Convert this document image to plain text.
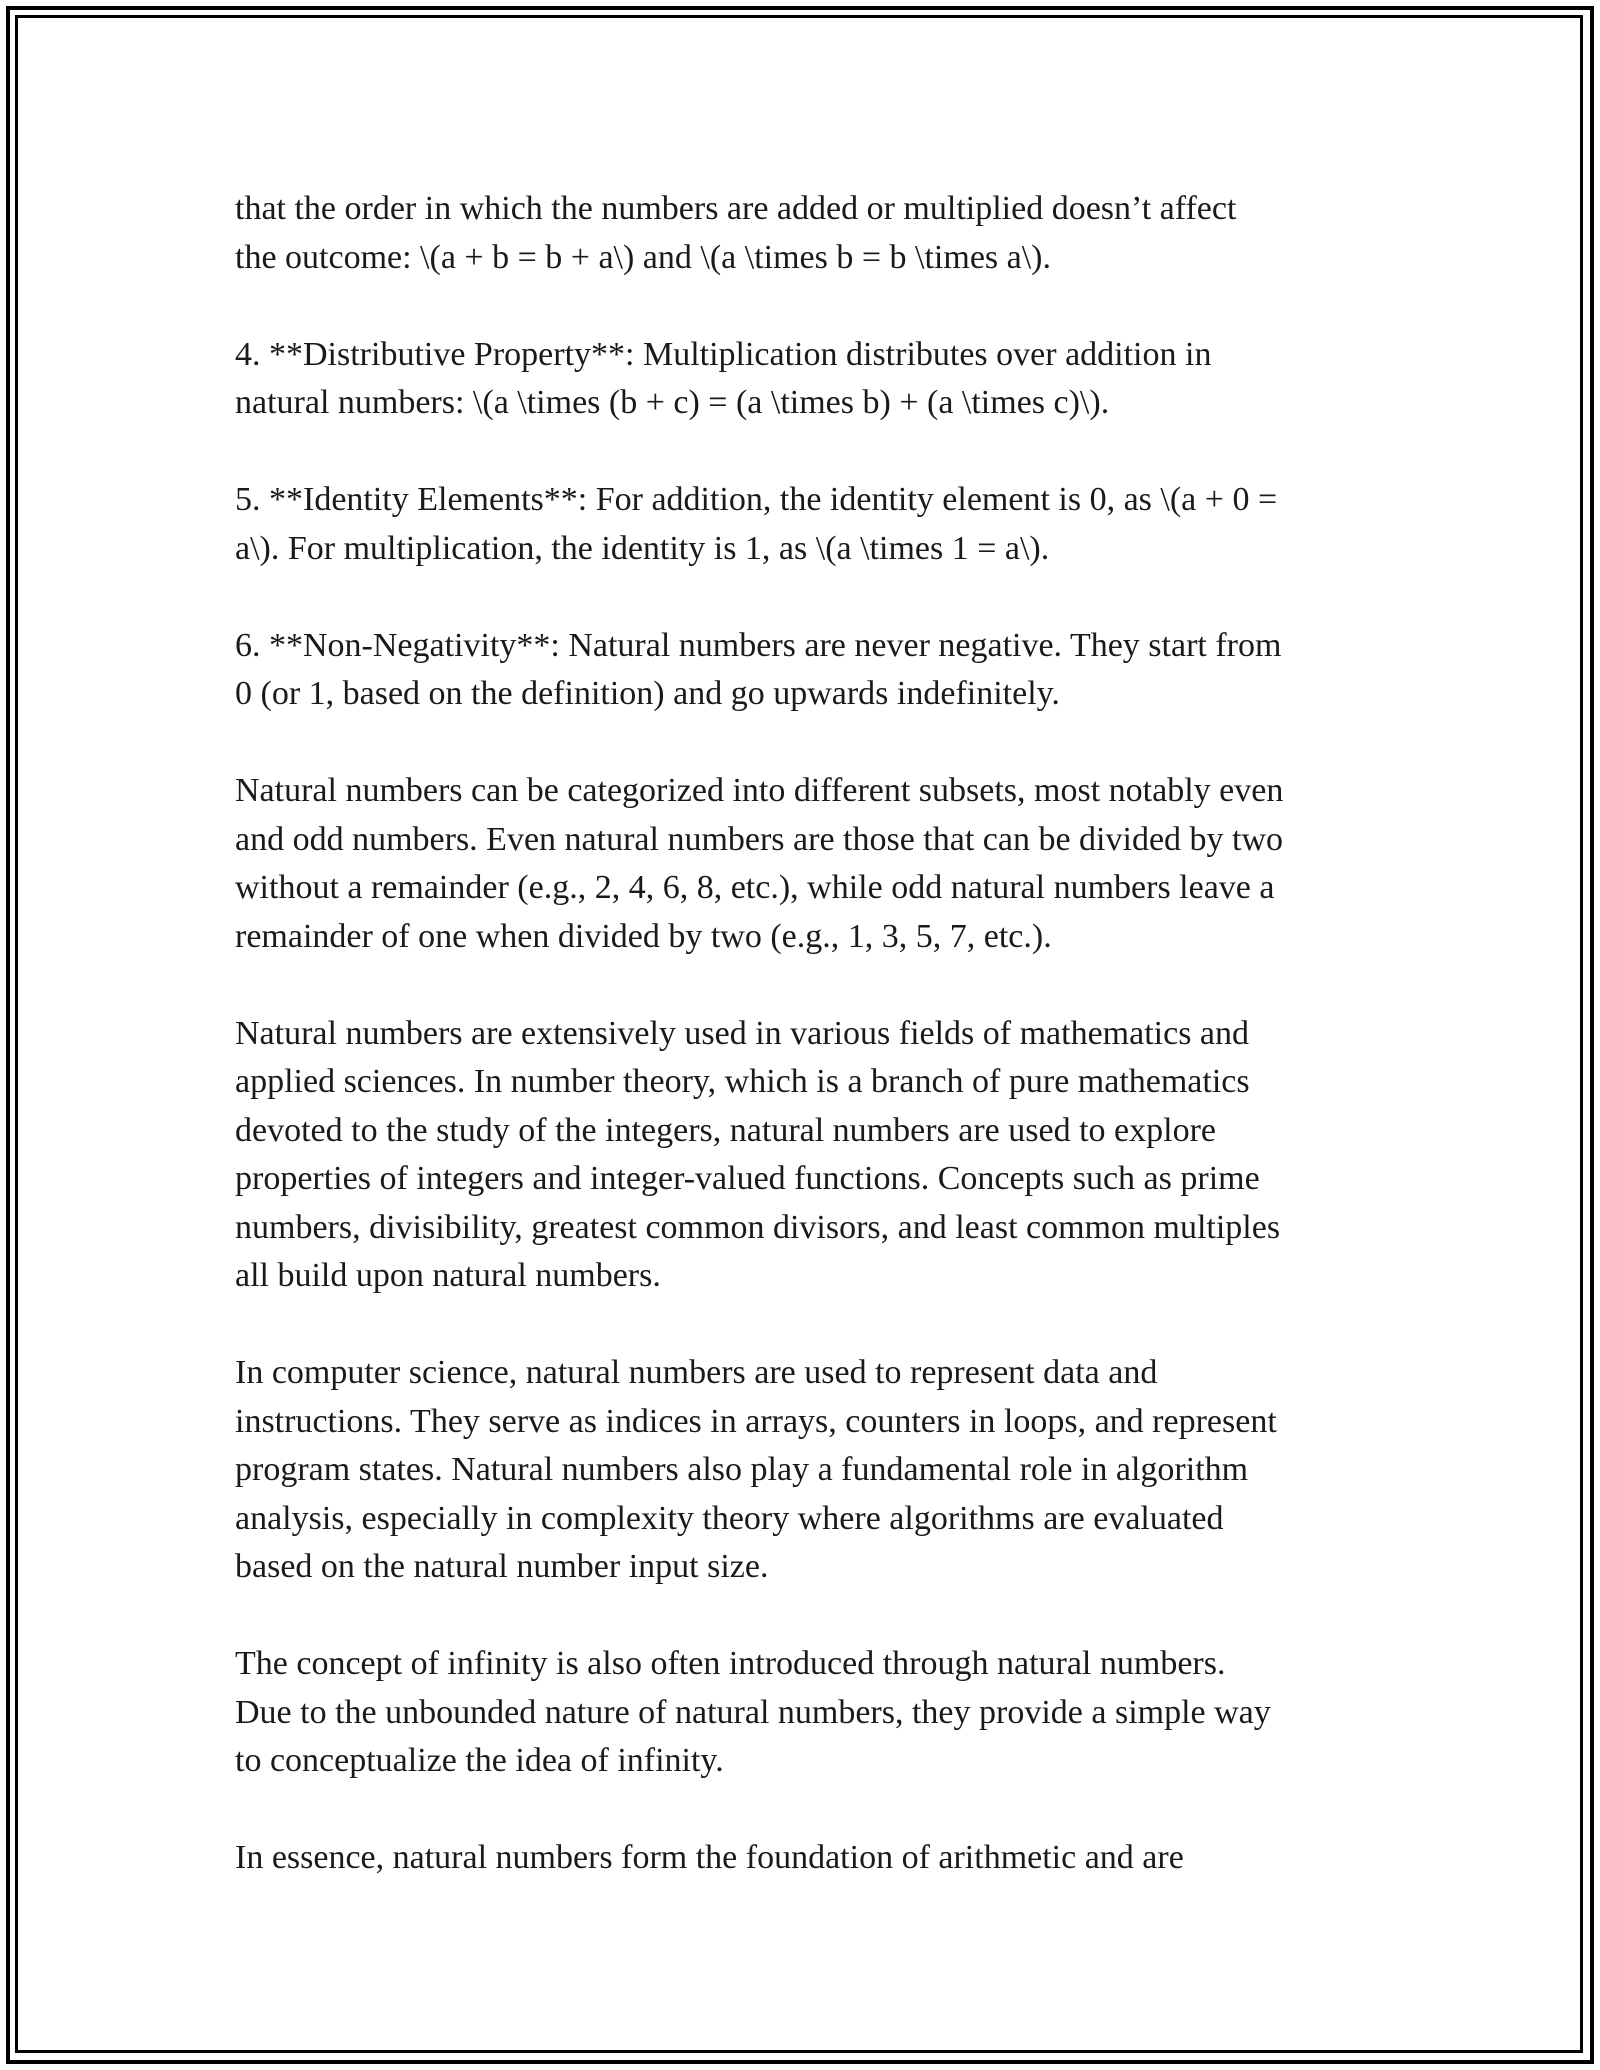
that the order in which the numbers are added or multiplied doesn’t affect
the outcome: \(a + b = b + a\) and \(a \times b = b \times a\).

4. **Distributive Property**: Multiplication distributes over addition in
natural numbers: \(a \times (b + c) = (a \times b) + (a \times c)\).

5. **Identity Elements**: For addition, the identity element is 0, as \(a + 0 =
a\). For multiplication, the identity is 1, as \(a \times 1 = a\).

6. **Non-Negativity**: Natural numbers are never negative. They start from
0 (or 1, based on the definition) and go upwards indefinitely.

Natural numbers can be categorized into different subsets, most notably even
and odd numbers. Even natural numbers are those that can be divided by two
without a remainder (e.g., 2, 4, 6, 8, etc.), while odd natural numbers leave a
remainder of one when divided by two (e.g., 1, 3, 5, 7, etc.).

Natural numbers are extensively used in various fields of mathematics and
applied sciences. In number theory, which is a branch of pure mathematics
devoted to the study of the integers, natural numbers are used to explore
properties of integers and integer-valued functions. Concepts such as prime
numbers, divisibility, greatest common divisors, and least common multiples
all build upon natural numbers.

In computer science, natural numbers are used to represent data and
instructions. They serve as indices in arrays, counters in loops, and represent
program states. Natural numbers also play a fundamental role in algorithm
analysis, especially in complexity theory where algorithms are evaluated
based on the natural number input size.

The concept of infinity is also often introduced through natural numbers.
Due to the unbounded nature of natural numbers, they provide a simple way
to conceptualize the idea of infinity.

In essence, natural numbers form the foundation of arithmetic and are
